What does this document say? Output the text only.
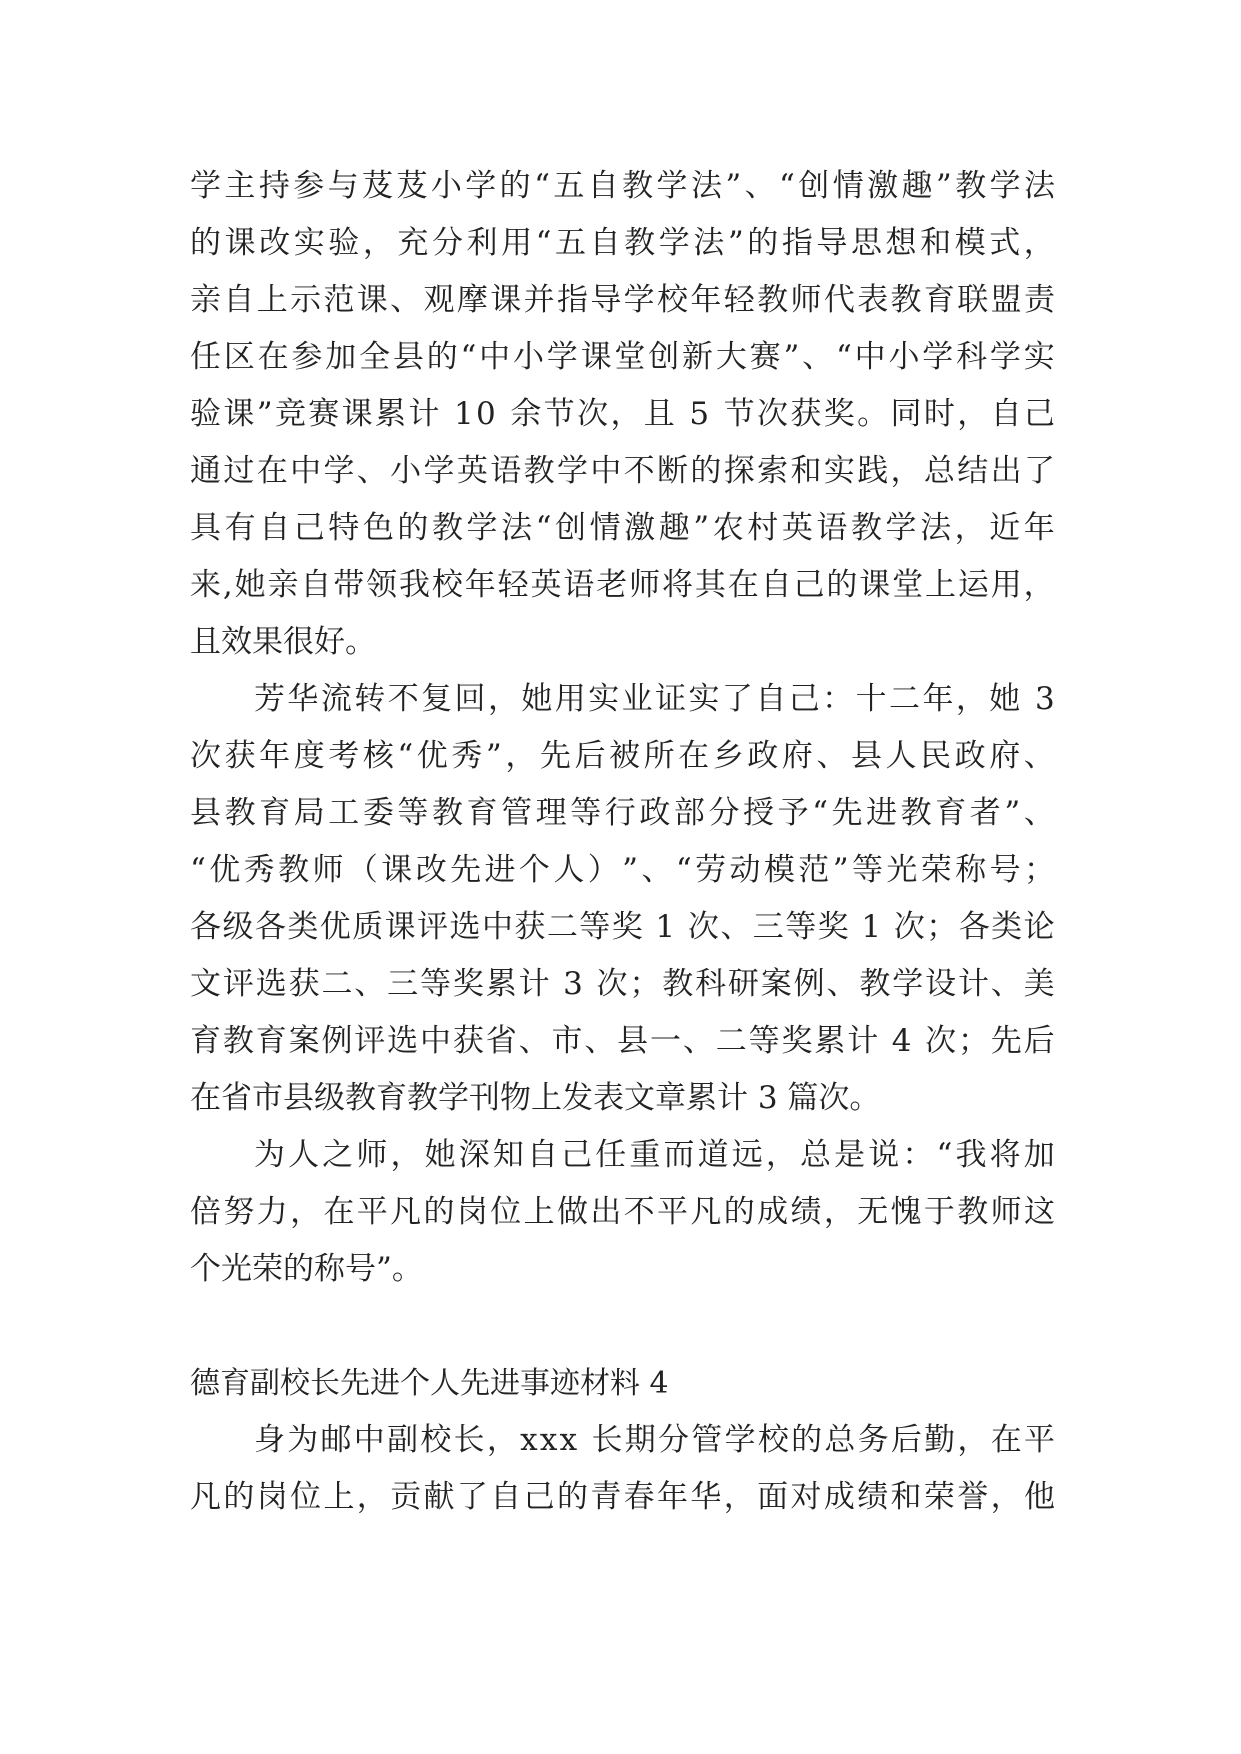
学 主 持 参 与 芨 芨 小 学 的 “ 五 自 教 学 法 ” 、 “ 创 情 激 趣 ” 教 学 法
的 课 改 实 验 ， 充 分 利 用 “ 五 自 教 学 法 ” 的 指 导 思 想 和 模 式 ，
亲 自 上 示 范 课 、 观 摩 课 并 指 导 学 校 年 轻 教 师 代 表 教 育 联 盟 责
任 区 在 参 加 全 县 的 “ 中 小 学 课 堂 创 新 大 赛 ” 、 “ 中 小 学 科 学 实
验 课 ” 竞 赛 课 累 计
1 0
余 节 次 ， 且
5
节 次 获 奖 。 同 时 ， 自 己
通 过 在 中 学 、 小 学 英 语 教 学 中 不 断 的 探 索 和 实 践 ， 总 结 出 了
具 有 自 己 特 色 的 教 学 法 “ 创 情 激 趣 ” 农 村 英 语 教 学 法 ， 近 年
来 , 她 亲 自 带 领 我 校 年 轻 英 语 老 师 将 其 在 自 己 的 课 堂 上 运 用 ，
且效果很好。
芳 华 流 转 不 复 回 ， 她 用 实 业 证 实 了 自 己 ： 十 二 年 ， 她
3
次 获 年 度 考 核 “ 优 秀 ” ， 先 后 被 所 在 乡 政 府 、 县 人 民 政 府 、
县 教 育 局 工 委 等 教 育 管 理 等 行 政 部 分 授 予 “ 先 进 教 育 者 ” 、
“ 优 秀 教 师 （ 课 改 先 进 个 人 ） ” 、 “ 劳 动 模 范 ” 等 光 荣 称 号 ；
各 级 各 类 优 质 课 评 选 中 获 二 等 奖
1
次 、 三 等 奖
1
次 ； 各 类 论
文 评 选 获 二 、 三 等 奖 累 计
3
次 ； 教 科 研 案 例 、 教 学 设 计 、 美
育 教 育 案 例 评 选 中 获 省 、 市 、 县 一 、 二 等 奖 累 计
4
次 ； 先 后
在省市县级教育教学刊物上发表文章累计 3 篇次。
为 人 之 师 ， 她 深 知 自 己 任 重 而 道 远 ， 总 是 说 ： “ 我 将 加
倍 努 力 ， 在 平 凡 的 岗 位 上 做 出 不 平 凡 的 成 绩 ， 无 愧 于 教 师 这
个光荣的称号”。
德育副校长先进个人先进事迹材料 4
身 为 邮 中 副 校 长 ， x x x
长 期 分 管 学 校 的 总 务 后 勤 ， 在 平
凡 的 岗 位 上 ， 贡 献 了 自 己 的 青 春 年 华 ， 面 对 成 绩 和 荣 誉 ， 他
